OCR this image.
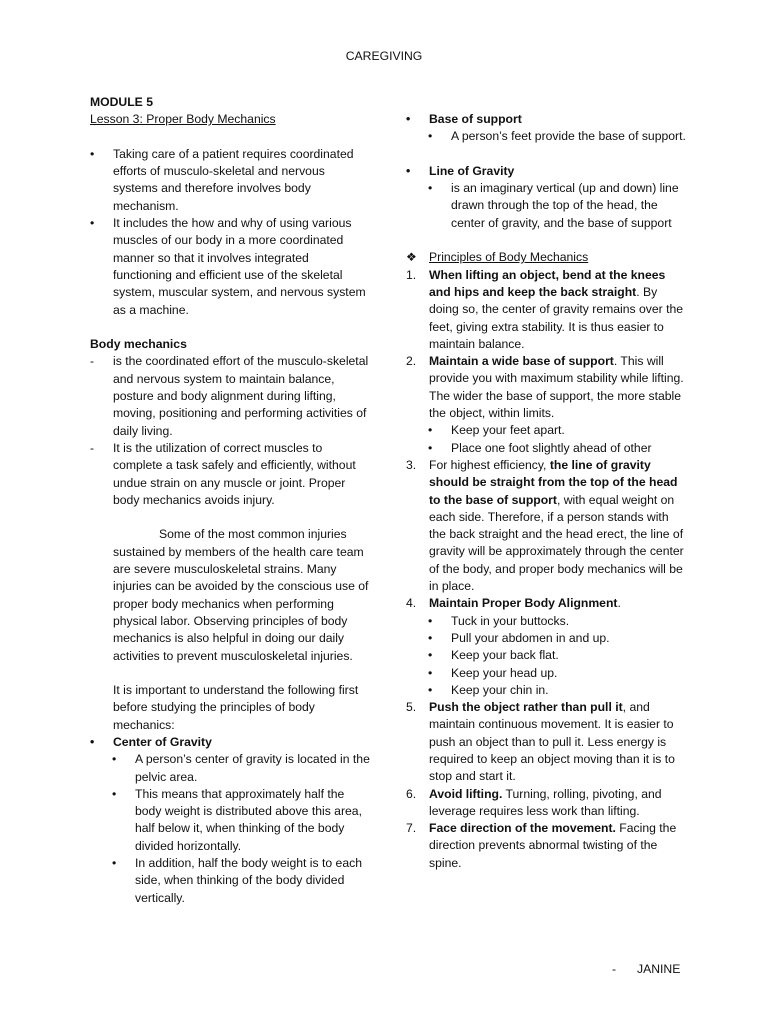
CAREGIVING
MODULE 5
Lesson 3: Proper Body Mechanics
• Taking care of a patient requires coordinated efforts of musculo-skeletal and nervous systems and therefore involves body mechanism.
• It includes the how and why of using various muscles of our body in a more coordinated manner so that it involves integrated functioning and efficient use of the skeletal system, muscular system, and nervous system as a machine.
Body mechanics
- is the coordinated effort of the musculo-skeletal and nervous system to maintain balance, posture and body alignment during lifting, moving, positioning and performing activities of daily living.
- It is the utilization of correct muscles to complete a task safely and efficiently, without undue strain on any muscle or joint. Proper body mechanics avoids injury.
Some of the most common injuries sustained by members of the health care team are severe musculoskeletal strains. Many injuries can be avoided by the conscious use of proper body mechanics when performing physical labor. Observing principles of body mechanics is also helpful in doing our daily activities to prevent musculoskeletal injuries.
It is important to understand the following first before studying the principles of body mechanics:
• Center of Gravity
• A person’s center of gravity is located in the pelvic area.
• This means that approximately half the body weight is distributed above this area, half below it, when thinking of the body divided horizontally.
• In addition, half the body weight is to each side, when thinking of the body divided vertically.
• Base of support
• A person’s feet provide the base of support.
• Line of Gravity
• is an imaginary vertical (up and down) line drawn through the top of the head, the center of gravity, and the base of support
❖ Principles of Body Mechanics
1. When lifting an object, bend at the knees and hips and keep the back straight. By doing so, the center of gravity remains over the feet, giving extra stability. It is thus easier to maintain balance.
2. Maintain a wide base of support. This will provide you with maximum stability while lifting. The wider the base of support, the more stable the object, within limits.
• Keep your feet apart.
• Place one foot slightly ahead of other
3. For highest efficiency, the line of gravity should be straight from the top of the head to the base of support, with equal weight on each side. Therefore, if a person stands with the back straight and the head erect, the line of gravity will be approximately through the center of the body, and proper body mechanics will be in place.
4. Maintain Proper Body Alignment.
• Tuck in your buttocks.
• Pull your abdomen in and up.
• Keep your back flat.
• Keep your head up.
• Keep your chin in.
5. Push the object rather than pull it, and maintain continuous movement. It is easier to push an object than to pull it. Less energy is required to keep an object moving than it is to stop and start it.
6. Avoid lifting. Turning, rolling, pivoting, and leverage requires less work than lifting.
7. Face direction of the movement. Facing the direction prevents abnormal twisting of the spine.
- JANINE
